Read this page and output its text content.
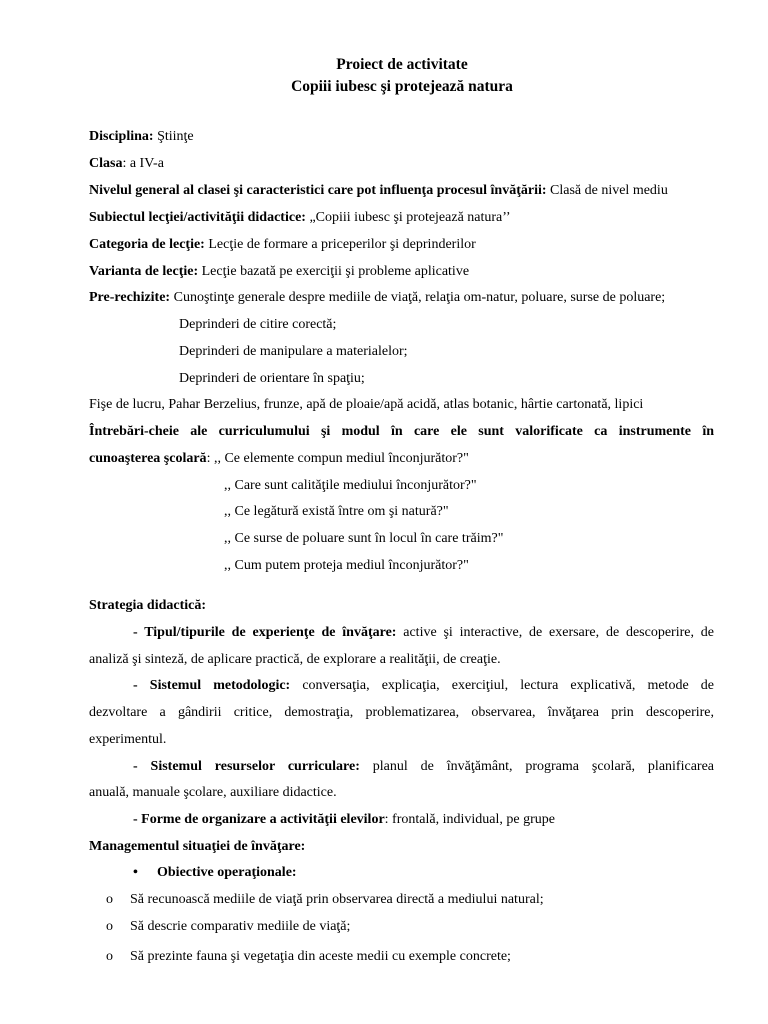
Proiect de activitate
Copiii iubesc şi protejează natura
Disciplina: Ştiinţe
Clasa: a IV-a
Nivelul general al clasei şi caracteristici care pot influenţa procesul învăţării: Clasă de nivel mediu
Subiectul lecţiei/activităţii didactice: „Copiii iubesc şi protejează natura’’
Categoria de lecţie: Lecţie de formare a priceperilor şi deprinderilor
Varianta de lecţie: Lecţie bazată pe exerciţii şi probleme aplicative
Pre-rechizite: Cunoştinţe generale despre mediile de viaţă, relaţia om-natur, poluare, surse de poluare;
Deprinderi de citire corectă;
Deprinderi de manipulare a materialelor;
Deprinderi de orientare în spaţiu;
Fişe de lucru, Pahar Berzelius, frunze, apă de ploaie/apă acidă, atlas botanic, hârtie cartonată, lipici
Întrebări-cheie ale curriculumului şi modul în care ele sunt valorificate ca instrumente în
cunoaşterea şcolară: ,, Ce elemente compun mediul înconjurător?"
,, Care sunt calităţile mediului înconjurător?"
,, Ce legătură există între om şi natură?"
,, Ce surse de poluare sunt în locul în care trăim?"
,, Cum putem proteja mediul înconjurător?"
Strategia didactică:
- Tipul/tipurile de experienţe de învăţare: active şi interactive, de exersare, de descoperire, de
analiză şi sinteză, de aplicare practică, de explorare a realităţii, de creaţie.
- Sistemul metodologic: conversaţia, explicaţia, exerciţiul, lectura explicativă, metode de
dezvoltare a gândirii critice, demostraţia, problematizarea, observarea, învăţarea prin descoperire,
experimentul.
- Sistemul resurselor curriculare: planul de învăţământ, programa şcolară, planificarea
anuală, manuale şcolare, auxiliare didactice.
- Forme de organizare a activităţii elevilor: frontală, individual, pe grupe
Managementul situaţiei de învăţare:
• Obiective operaţionale:
o Să recunoască mediile de viaţă prin observarea directă a mediului natural;
o Să descrie comparativ mediile de viaţă;
o Să prezinte fauna şi vegetaţia din aceste medii cu exemple concrete;
